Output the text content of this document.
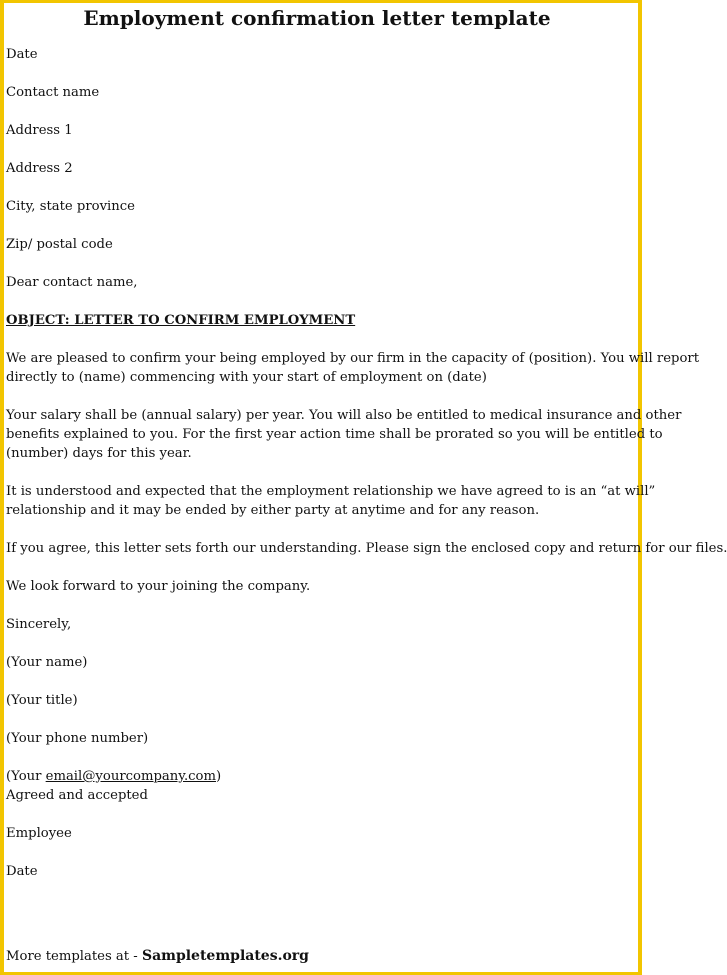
Employment confirmation letter template

Date

Contact name

Address 1

Address 2

City, state province

Zip/ postal code

Dear contact name,

OBJECT: LETTER TO CONFIRM EMPLOYMENT

We are pleased to confirm your being employed by our firm in the capacity of (position). You will report

directly to (name) commencing with your start of employment on (date)

Your salary shall be (annual salary) per year. You will also be entitled to medical insurance and other

benefits explained to you. For the first year action time shall be prorated so you will be entitled to

(number) days for this year.

It is understood and expected that the employment relationship we have agreed to is an “at will”

relationship and it may be ended by either party at anytime and for any reason.

If you agree, this letter sets forth our understanding. Please sign the enclosed copy and return for our files.

We look forward to your joining the company.

Sincerely,

(Your name)

(Your title)

(Your phone number)

(Your email@yourcompany.com)

Agreed and accepted

Employee

Date

More templates at - Sampletemplates.org
